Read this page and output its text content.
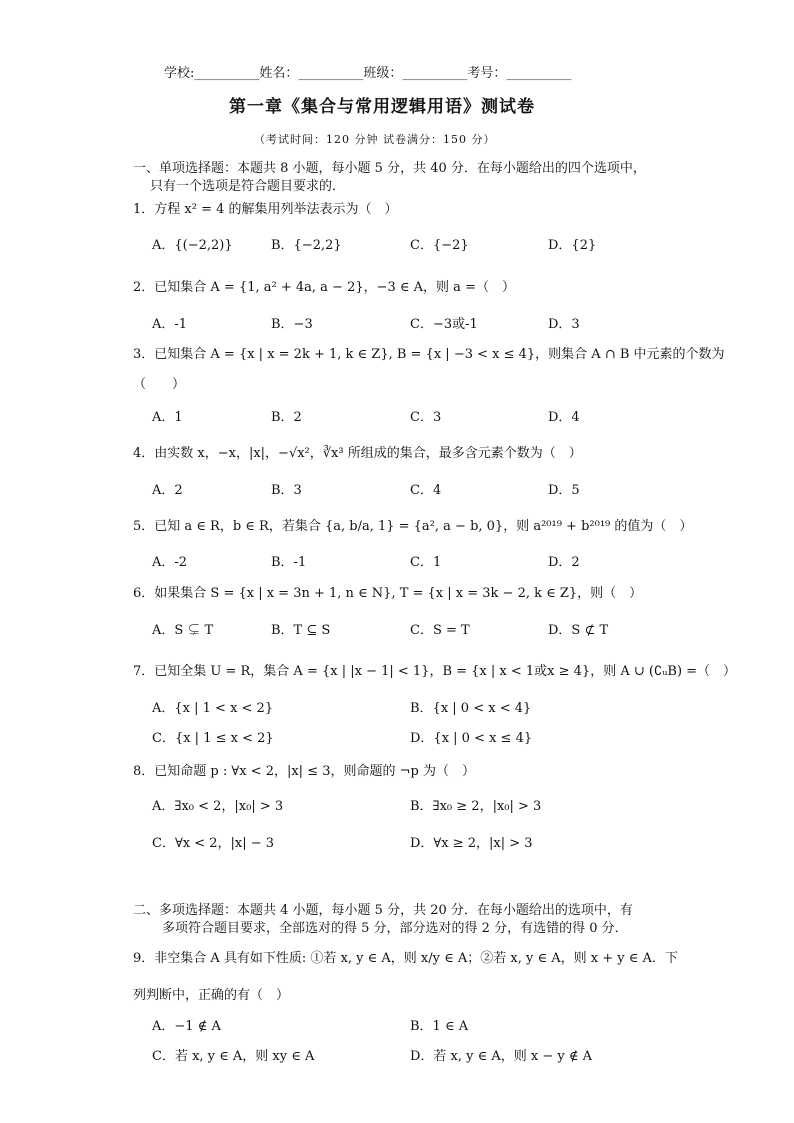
学校:__________姓名：__________班级：__________考号：__________
第一章《集合与常用逻辑用语》测试卷
（考试时间：120 分钟 试卷满分：150 分）
一、单项选择题：本题共 8 小题，每小题 5 分，共 40 分．在每小题给出的四个选项中，
只有一个选项是符合题目要求的．
1．方程 x² = 4 的解集用列举法表示为（　）
A．{(−2,2)}	B．{−2,2}	C．{−2}	D．{2}
2．已知集合 A = {1, a² + 4a, a − 2}，−3 ∈ A，则 a =（　）
A．-1	B．−3	C．−3或-1	D．3
3．已知集合 A = {x | x = 2k + 1, k ∈ Z}, B = {x | −3 < x ≤ 4}，则集合 A ∩ B 中元素的个数为
（　　）
A．1	B．2	C．3	D．4
4．由实数 x，−x，|x|，−√x²，∛x³ 所组成的集合，最多含元素个数为（　）
A．2	B．3	C．4	D．5
5．已知 a ∈ R，b ∈ R，若集合 {a, b/a, 1} = {a², a − b, 0}，则 a²⁰¹⁹ + b²⁰¹⁹ 的值为（　）
A．-2	B．-1	C．1	D．2
6．如果集合 S = {x | x = 3n + 1, n ∈ N}, T = {x | x = 3k − 2, k ∈ Z}，则（　）
A．S ⊊ T	B．T ⊆ S	C．S = T	D．S ⊄ T
7．已知全集 U = R，集合 A = {x | |x − 1| < 1}，B = {x | x < 1或x ≥ 4}，则 A ∪ (∁ᵤB) =（　）
A．{x | 1 < x < 2}	B．{x | 0 < x < 4}
C．{x | 1 ≤ x < 2}	D．{x | 0 < x ≤ 4}
8．已知命题 p : ∀x < 2，|x| ≤ 3，则命题的 ¬p 为（　）
A．∃x₀ < 2，|x₀| > 3	B．∃x₀ ≥ 2，|x₀| > 3
C．∀x < 2，|x| − 3	D．∀x ≥ 2，|x| > 3
二、多项选择题：本题共 4 小题，每小题 5 分，共 20 分．在每小题给出的选项中，有
多项符合题目要求，全部选对的得 5 分，部分选对的得 2 分，有选错的得 0 分．
9．非空集合 A 具有如下性质: ①若 x, y ∈ A，则 x/y ∈ A；②若 x, y ∈ A，则 x + y ∈ A．下
列判断中，正确的有（　）
A．−1 ∉ A	B．1 ∈ A
C．若 x, y ∈ A，则 xy ∈ A	D．若 x, y ∈ A，则 x − y ∉ A
